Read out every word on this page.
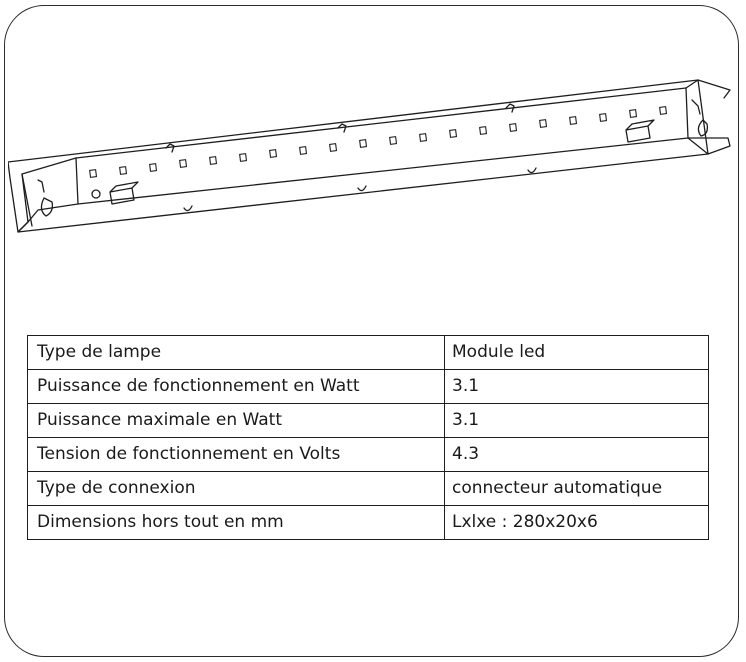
Type de lampe	Module led
Puissance de fonctionnement en Watt	3.1
Puissance maximale en Watt	3.1
Tension de fonctionnement en Volts	4.3
Type de connexion	connecteur automatique
Dimensions hors tout en mm	Lxlxe : 280x20x6
